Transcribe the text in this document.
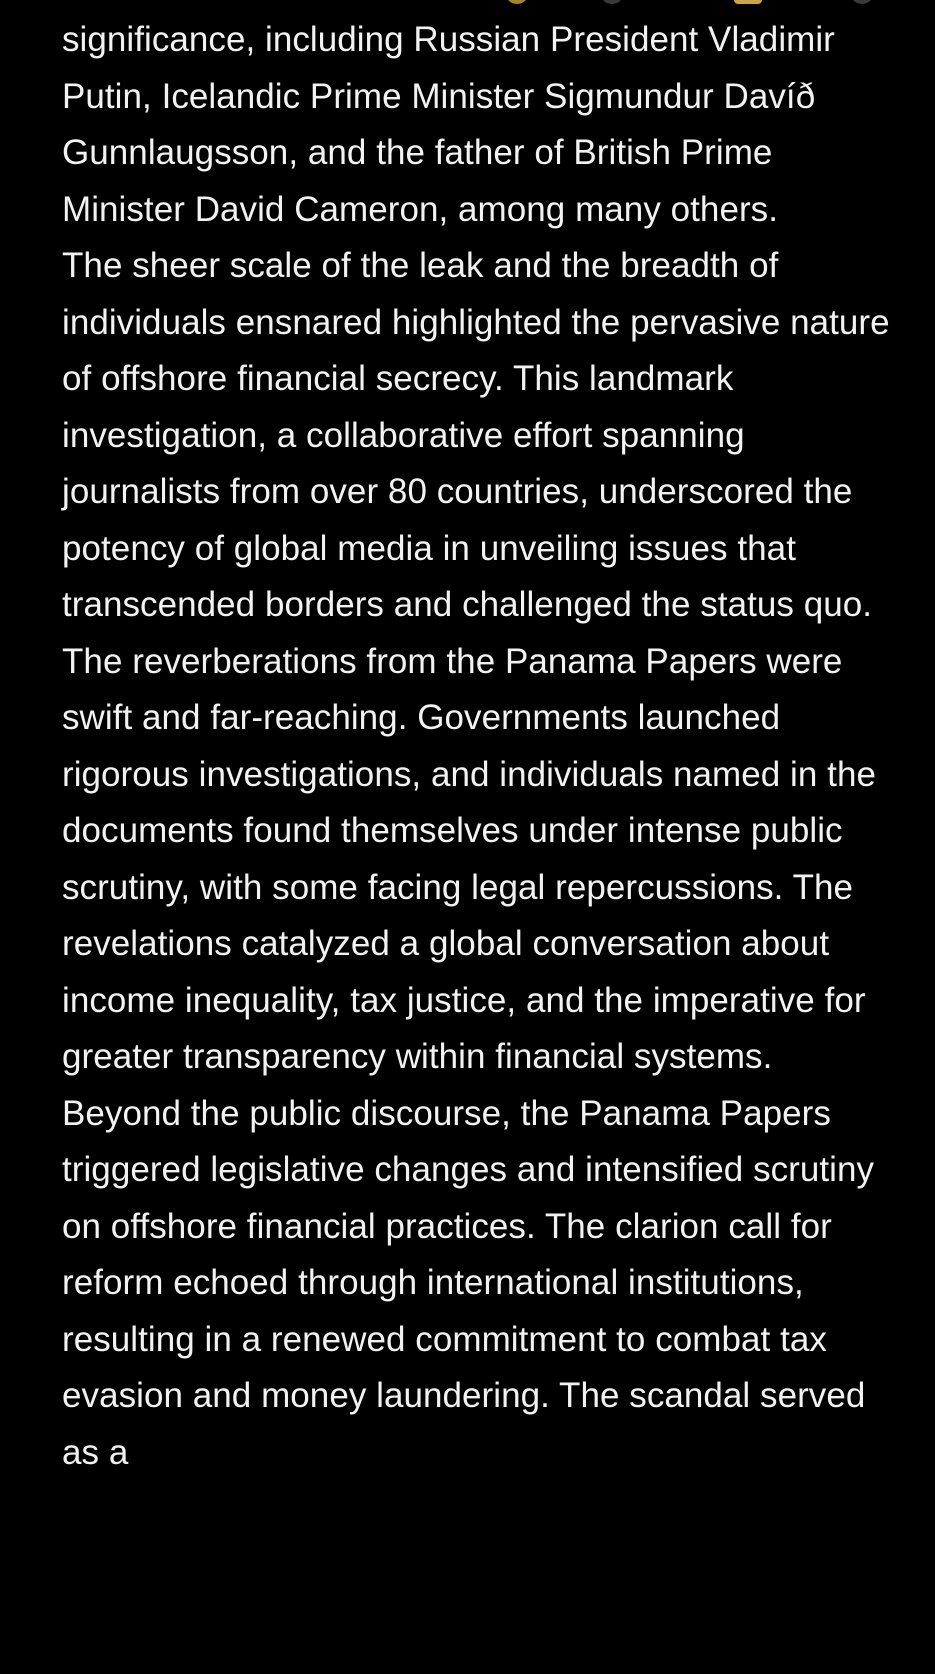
significance, including Russian President Vladimir Putin, Icelandic Prime Minister Sigmundur Davíð Gunnlaugsson, and the father of British Prime Minister David Cameron, among many others.

The sheer scale of the leak and the breadth of individuals ensnared highlighted the pervasive nature of offshore financial secrecy. This landmark investigation, a collaborative effort spanning journalists from over 80 countries, underscored the potency of global media in unveiling issues that transcended borders and challenged the status quo.

The reverberations from the Panama Papers were swift and far-reaching. Governments launched rigorous investigations, and individuals named in the documents found themselves under intense public scrutiny, with some facing legal repercussions. The revelations catalyzed a global conversation about income inequality, tax justice, and the imperative for greater transparency within financial systems.

Beyond the public discourse, the Panama Papers triggered legislative changes and intensified scrutiny on offshore financial practices. The clarion call for reform echoed through international institutions, resulting in a renewed commitment to combat tax evasion and money laundering. The scandal served as a
